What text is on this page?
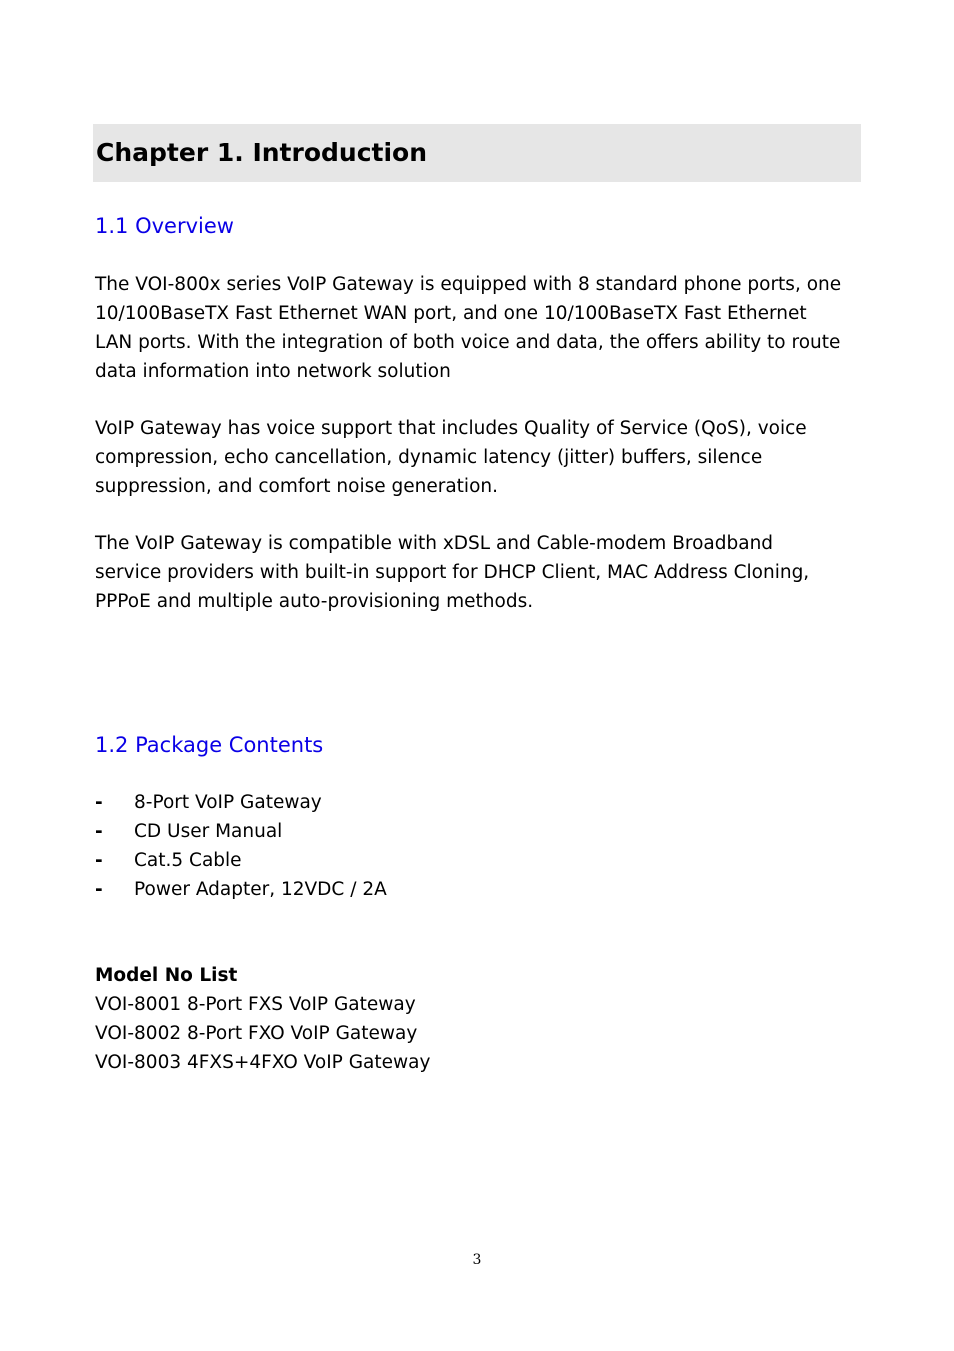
Chapter 1. Introduction
1.1 Overview

The VOI-800x series VoIP Gateway is equipped with 8 standard phone ports, one
10/100BaseTX Fast Ethernet WAN port, and one 10/100BaseTX Fast Ethernet
LAN ports. With the integration of both voice and data, the offers ability to route
data information into network solution

VoIP Gateway has voice support that includes Quality of Service (QoS), voice
compression, echo cancellation, dynamic latency (jitter) buffers, silence
suppression, and comfort noise generation.

The VoIP Gateway is compatible with xDSL and Cable-modem Broadband
service providers with built-in support for DHCP Client, MAC Address Cloning,
PPPoE and multiple auto-provisioning methods.

1.2 Package Contents
- 8-Port VoIP Gateway
- CD User Manual
- Cat.5 Cable
- Power Adapter, 12VDC / 2A

Model No List

VOI-8001 8-Port FXS VoIP Gateway
VOI-8002 8-Port FXO VoIP Gateway
VOI-8003 4FXS+4FXO VoIP Gateway
3
